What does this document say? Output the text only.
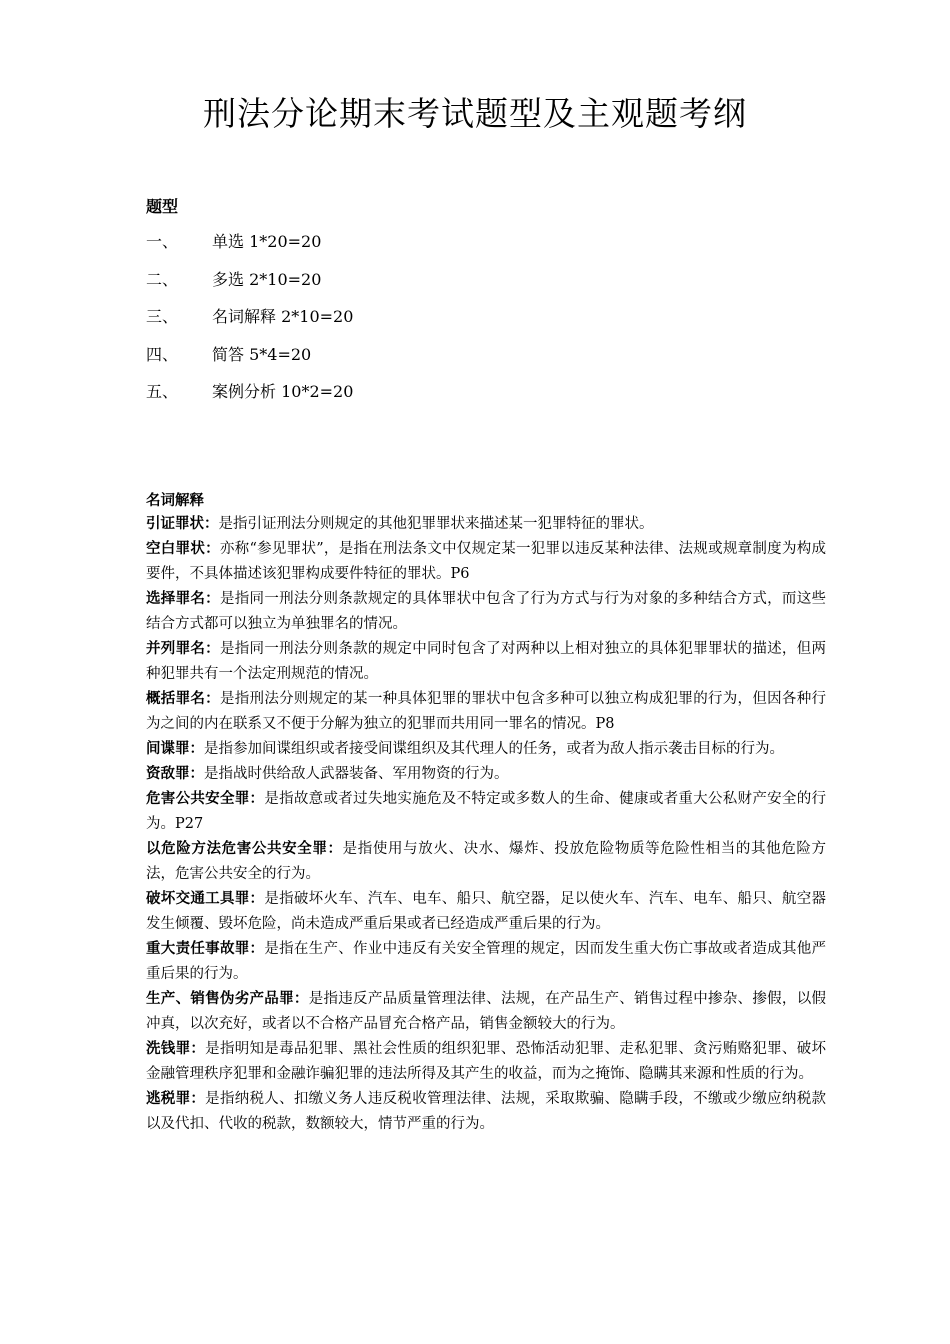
刑法分论期末考试题型及主观题考纲
题型
一、	单选 1*20=20
二、	多选 2*10=20
三、	名词解释 2*10=20
四、	简答 5*4=20
五、	案例分析 10*2=20
名词解释
引证罪状：是指引证刑法分则规定的其他犯罪罪状来描述某一犯罪特征的罪状。
空白罪状：亦称“参见罪状”，是指在刑法条文中仅规定某一犯罪以违反某种法律、法规或规章制度为构成要件，不具体描述该犯罪构成要件特征的罪状。P6
选择罪名：是指同一刑法分则条款规定的具体罪状中包含了行为方式与行为对象的多种结合方式，而这些结合方式都可以独立为单独罪名的情况。
并列罪名：是指同一刑法分则条款的规定中同时包含了对两种以上相对独立的具体犯罪罪状的描述，但两种犯罪共有一个法定刑规范的情况。
概括罪名：是指刑法分则规定的某一种具体犯罪的罪状中包含多种可以独立构成犯罪的行为，但因各种行为之间的内在联系又不便于分解为独立的犯罪而共用同一罪名的情况。P8
间谍罪：是指参加间谍组织或者接受间谍组织及其代理人的任务，或者为敌人指示袭击目标的行为。
资敌罪：是指战时供给敌人武器装备、军用物资的行为。
危害公共安全罪：是指故意或者过失地实施危及不特定或多数人的生命、健康或者重大公私财产安全的行为。P27
以危险方法危害公共安全罪：是指使用与放火、决水、爆炸、投放危险物质等危险性相当的其他危险方法，危害公共安全的行为。
破坏交通工具罪：是指破坏火车、汽车、电车、船只、航空器，足以使火车、汽车、电车、船只、航空器发生倾覆、毁坏危险，尚未造成严重后果或者已经造成严重后果的行为。
重大责任事故罪：是指在生产、作业中违反有关安全管理的规定，因而发生重大伤亡事故或者造成其他严重后果的行为。
生产、销售伪劣产品罪：是指违反产品质量管理法律、法规，在产品生产、销售过程中掺杂、掺假，以假冲真，以次充好，或者以不合格产品冒充合格产品，销售金额较大的行为。
洗钱罪：是指明知是毒品犯罪、黑社会性质的组织犯罪、恐怖活动犯罪、走私犯罪、贪污贿赂犯罪、破坏金融管理秩序犯罪和金融诈骗犯罪的违法所得及其产生的收益，而为之掩饰、隐瞒其来源和性质的行为。
逃税罪：是指纳税人、扣缴义务人违反税收管理法律、法规，采取欺骗、隐瞒手段，不缴或少缴应纳税款以及代扣、代收的税款，数额较大，情节严重的行为。
